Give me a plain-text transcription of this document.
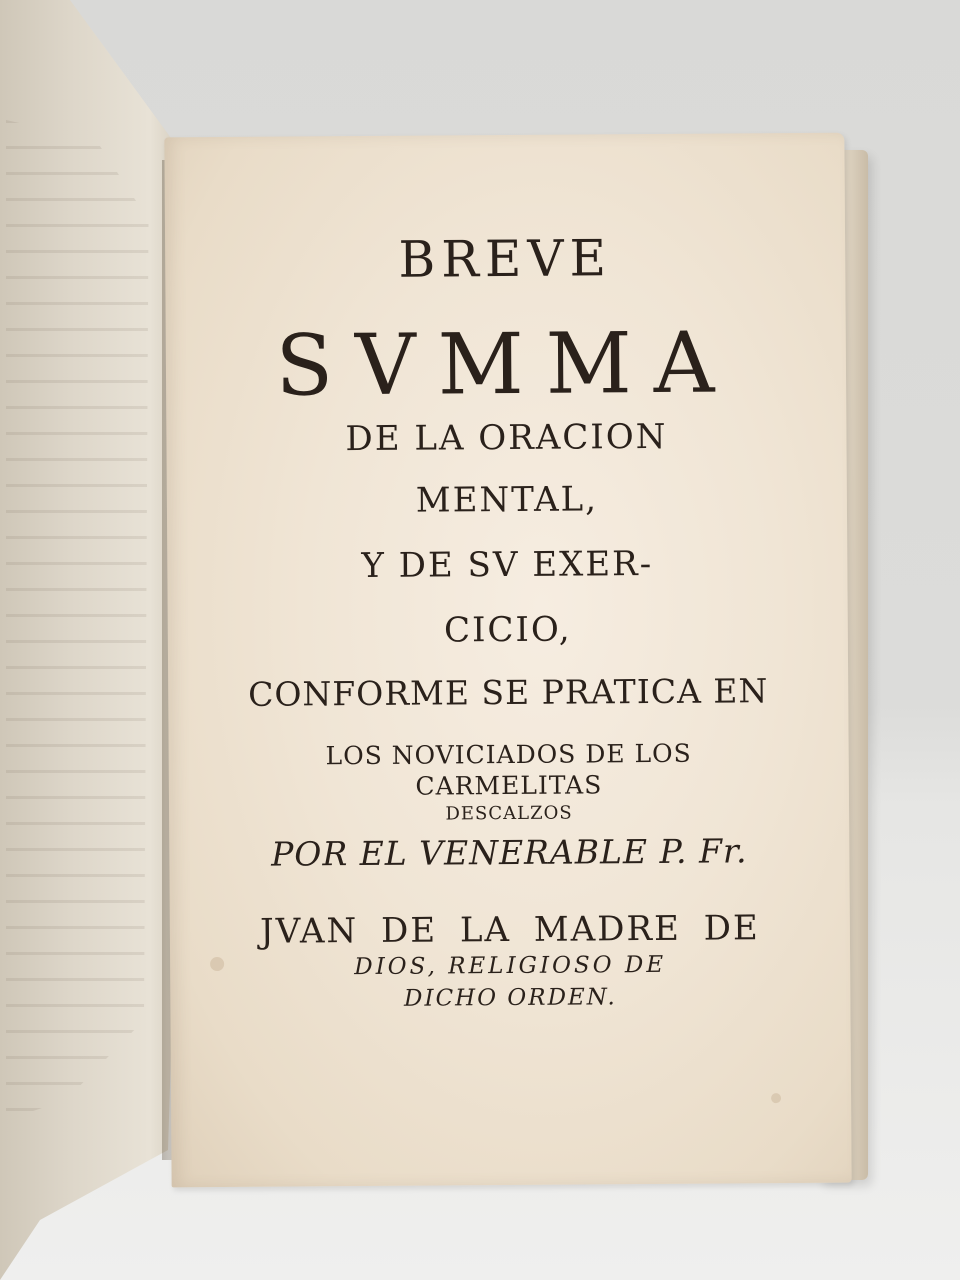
BREVE

SVMMA

DE LA ORACION

MENTAL,

Y DE SV EXER-

CICIO,

CONFORME SE PRATICA EN

LOS NOVICIADOS DE LOS

CARMELITAS

DESCALZOS

POR EL VENERABLE P. Fr.

JVAN DE LA MADRE DE

DIOS, RELIGIOSO DE

DICHO ORDEN.
